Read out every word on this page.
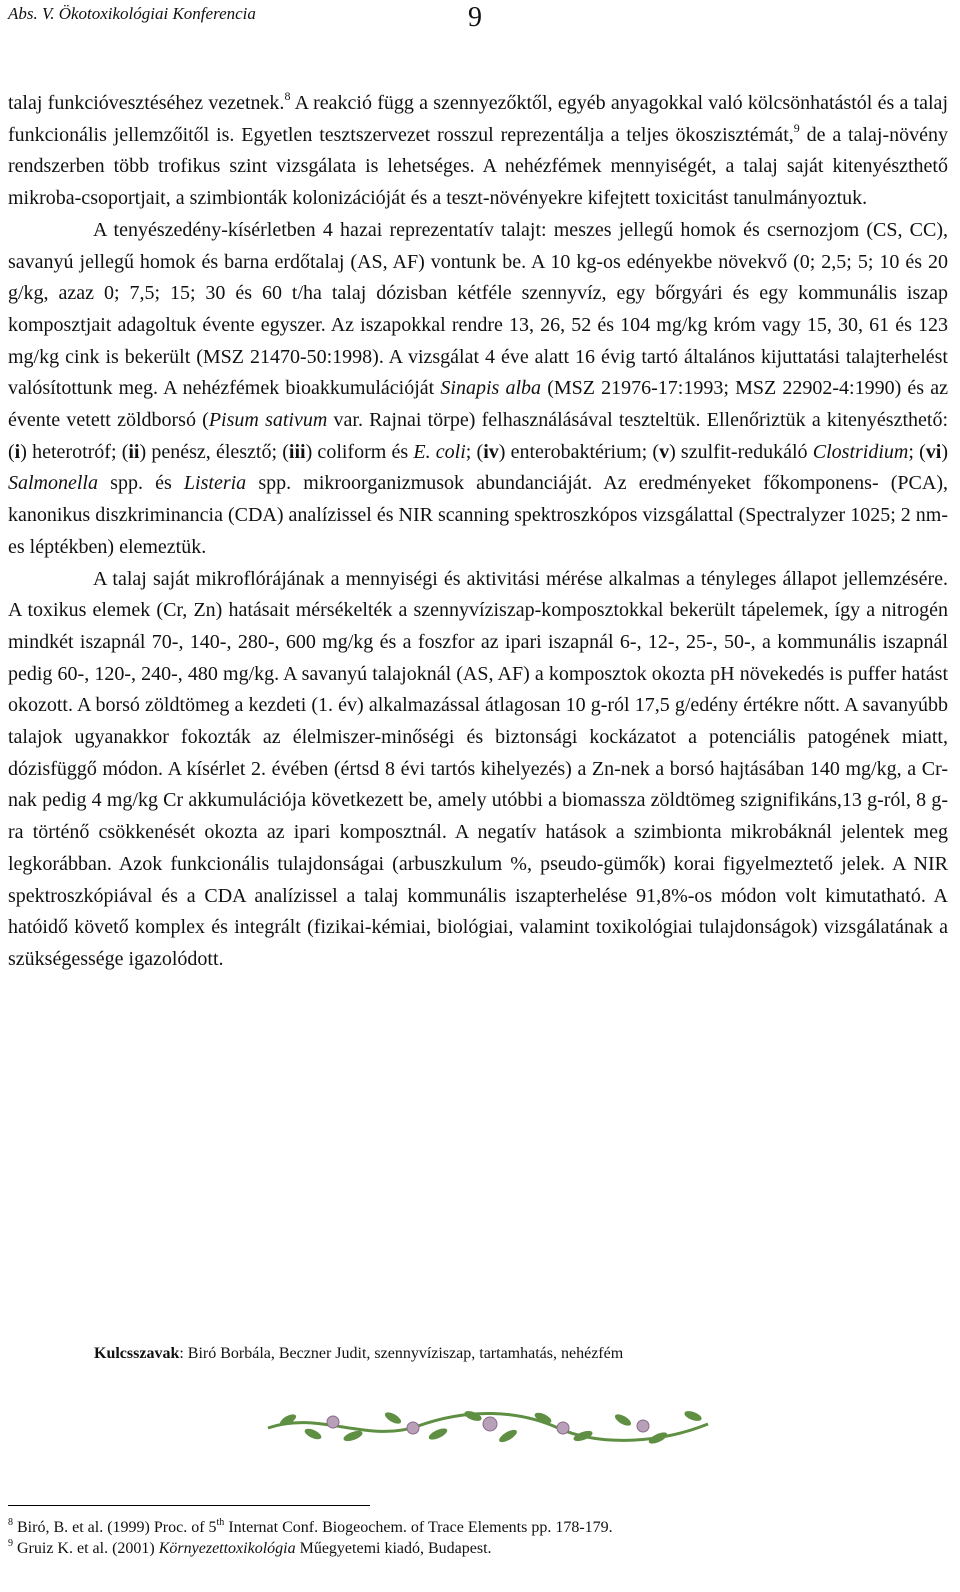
Abs. V. Ökotoxikológiai Konferencia	9

talaj funkcióvesztéséhez vezetnek.$^8$ A reakció függ a szennyezőktől, egyéb anyagokkal való kölcsönhatástól és a talaj funkcionális jellemzőitől is. Egyetlen tesztszervezet rosszul reprezentálja a teljes ökoszisztémát,$^9$ de a talaj-növény rendszerben több trofikus szint vizsgálata is lehetséges. A nehézfémek mennyiségét, a talaj saját kitenyészthető mikroba-csoportjait, a szimbionták kolonizációját és a teszt-növényekre kifejtett toxicitást tanulmányoztuk.

A tenyészedény-kísérletben 4 hazai reprezentatív talajt: meszes jellegű homok és csernozjom (CS, CC), savanyú jellegű homok és barna erdőtalaj (AS, AF) vontunk be. A 10 kg-os edényekbe növekvő (0; 2,5; 5; 10 és 20 g/kg, azaz 0; 7,5; 15; 30 és 60 t/ha talaj dózisban kétféle szennyvíz, egy bőrgyári és egy kommunális iszap komposztjait adagoltuk évente egyszer. Az iszapokkal rendre 13, 26, 52 és 104 mg/kg króm vagy 15, 30, 61 és 123 mg/kg cink is bekerült (MSZ 21470-50:1998). A vizsgálat 4 éve alatt 16 évig tartó általános kijuttatási talajterhelést valósítottunk meg. A nehézfémek bioakkumulációját Sinapis alba (MSZ 21976-17:1993; MSZ 22902-4:1990) és az évente vetett zöldborsó (Pisum sativum var. Rajnai törpe) felhasználásával teszteltük. Ellenőriztük a kitenyészthető: (i) heterotróf; (ii) penész, élesztő; (iii) coliform és E. coli; (iv) enterobaktérium; (v) szulfit-redukáló Clostridium; (vi) Salmonella spp. és Listeria spp. mikroorganizmusok abundanciáját. Az eredményeket főkomponens- (PCA), kanonikus diszkriminancia (CDA) analízissel és NIR scanning spektroszkópos vizsgálattal (Spectralyzer 1025; 2 nm-es léptékben) elemeztük.

A talaj saját mikroflórájának a mennyiségi és aktivitási mérése alkalmas a tényleges állapot jellemzésére. A toxikus elemek (Cr, Zn) hatásait mérsékelték a szennyvíziszap-komposztokkal bekerült tápelemek, így a nitrogén mindkét iszapnál 70-, 140-, 280-, 600 mg/kg és a foszfor az ipari iszapnál 6-, 12-, 25-, 50-, a kommunális iszapnál pedig 60-, 120-, 240-, 480 mg/kg. A savanyú talajoknál (AS, AF) a komposztok okozta pH növekedés is puffer hatást okozott. A borsó zöldtömeg a kezdeti (1. év) alkalmazással átlagosan 10 g-ról 17,5 g/edény értékre nőtt. A savanyúbb talajok ugyanakkor fokozták az élelmiszer-minőségi és biztonsági kockázatot a potenciális patogének miatt, dózisfüggő módon. A kísérlet 2. évében (értsd 8 évi tartós kihelyezés) a Zn-nek a borsó hajtásában 140 mg/kg, a Cr-nak pedig 4 mg/kg Cr akkumulációja következett be, amely utóbbi a biomassza zöldtömeg szignifikáns,13 g-ról, 8 g-ra történő csökkenését okozta az ipari komposztnál. A negatív hatások a szimbionta mikrobáknál jelentek meg legkorábban. Azok funkcionális tulajdonságai (arbuszkulum %, pseudo-gümők) korai figyelmeztető jelek. A NIR spektroszkópiával és a CDA analízissel a talaj kommunális iszapterhelése 91,8%-os módon volt kimutatható. A hatóidő követő komplex és integrált (fizikai-kémiai, biológiai, valamint toxikológiai tulajdonságok) vizsgálatának a szükségessége igazolódott.

Kulcsszavak: Biró Borbála, Beczner Judit, szennyvíziszap, tartamhatás, nehézfém
$^8$ Biró, B. et al. (1999) Proc. of 5th Internat Conf. Biogeochem. of Trace Elements pp. 178-179.
$^9$ Gruiz K. et al. (2001) Környezettoxikológia Műegyetemi kiadó, Budapest.
